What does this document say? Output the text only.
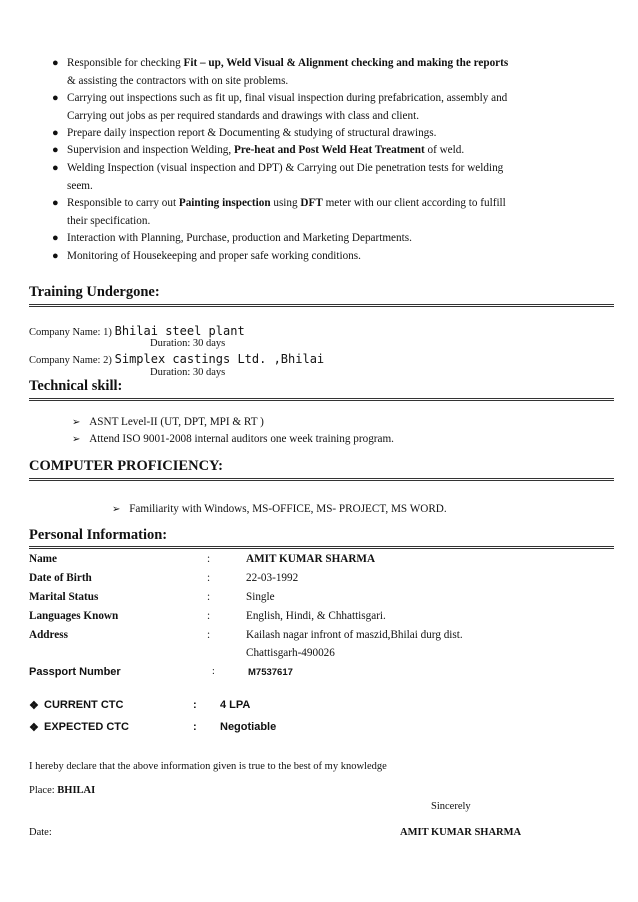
● Responsible for checking Fit – up, Weld Visual & Alignment checking and making the reports
& assisting the contractors with on site problems.
● Carrying out inspections such as fit up, final visual inspection during prefabrication, assembly and
Carrying out jobs as per required standards and drawings with class and client.
● Prepare daily inspection report & Documenting & studying of structural drawings.
● Supervision and inspection Welding, Pre-heat and Post Weld Heat Treatment of weld.
● Welding Inspection (visual inspection and DPT) & Carrying out Die penetration tests for welding
seem.
● Responsible to carry out Painting inspection using DFT meter with our client according to fulfill
their specification.
● Interaction with Planning, Purchase, production and Marketing Departments.
● Monitoring of Housekeeping and proper safe working conditions.
Training Undergone:
Company Name: 1) Bhilai steel plant
Duration: 30 days
Company Name: 2) Simplex castings Ltd. ,Bhilai
Duration: 30 days
Technical skill:
➢ ASNT Level-II (UT, DPT, MPI & RT )
➢ Attend ISO 9001-2008 internal auditors one week training program.
COMPUTER PROFICIENCY:
➢ Familiarity with Windows, MS-OFFICE, MS- PROJECT, MS WORD.
Personal Information:
Name	:	AMIT KUMAR SHARMA
Date of Birth	:	22-03-1992
Marital Status	:	Single
Languages Known	:	English, Hindi, & Chhattisgari.
Address	:	Kailash nagar infront of maszid,Bhilai durg dist.
Chattisgarh-490026
Passport Number	:	M7537617
❖ CURRENT CTC	: 4 LPA
❖ EXPECTED CTC	: Negotiable
I hereby declare that the above information given is true to the best of my knowledge
Place: BHILAI
Sincerely
Date:	AMIT KUMAR SHARMA
